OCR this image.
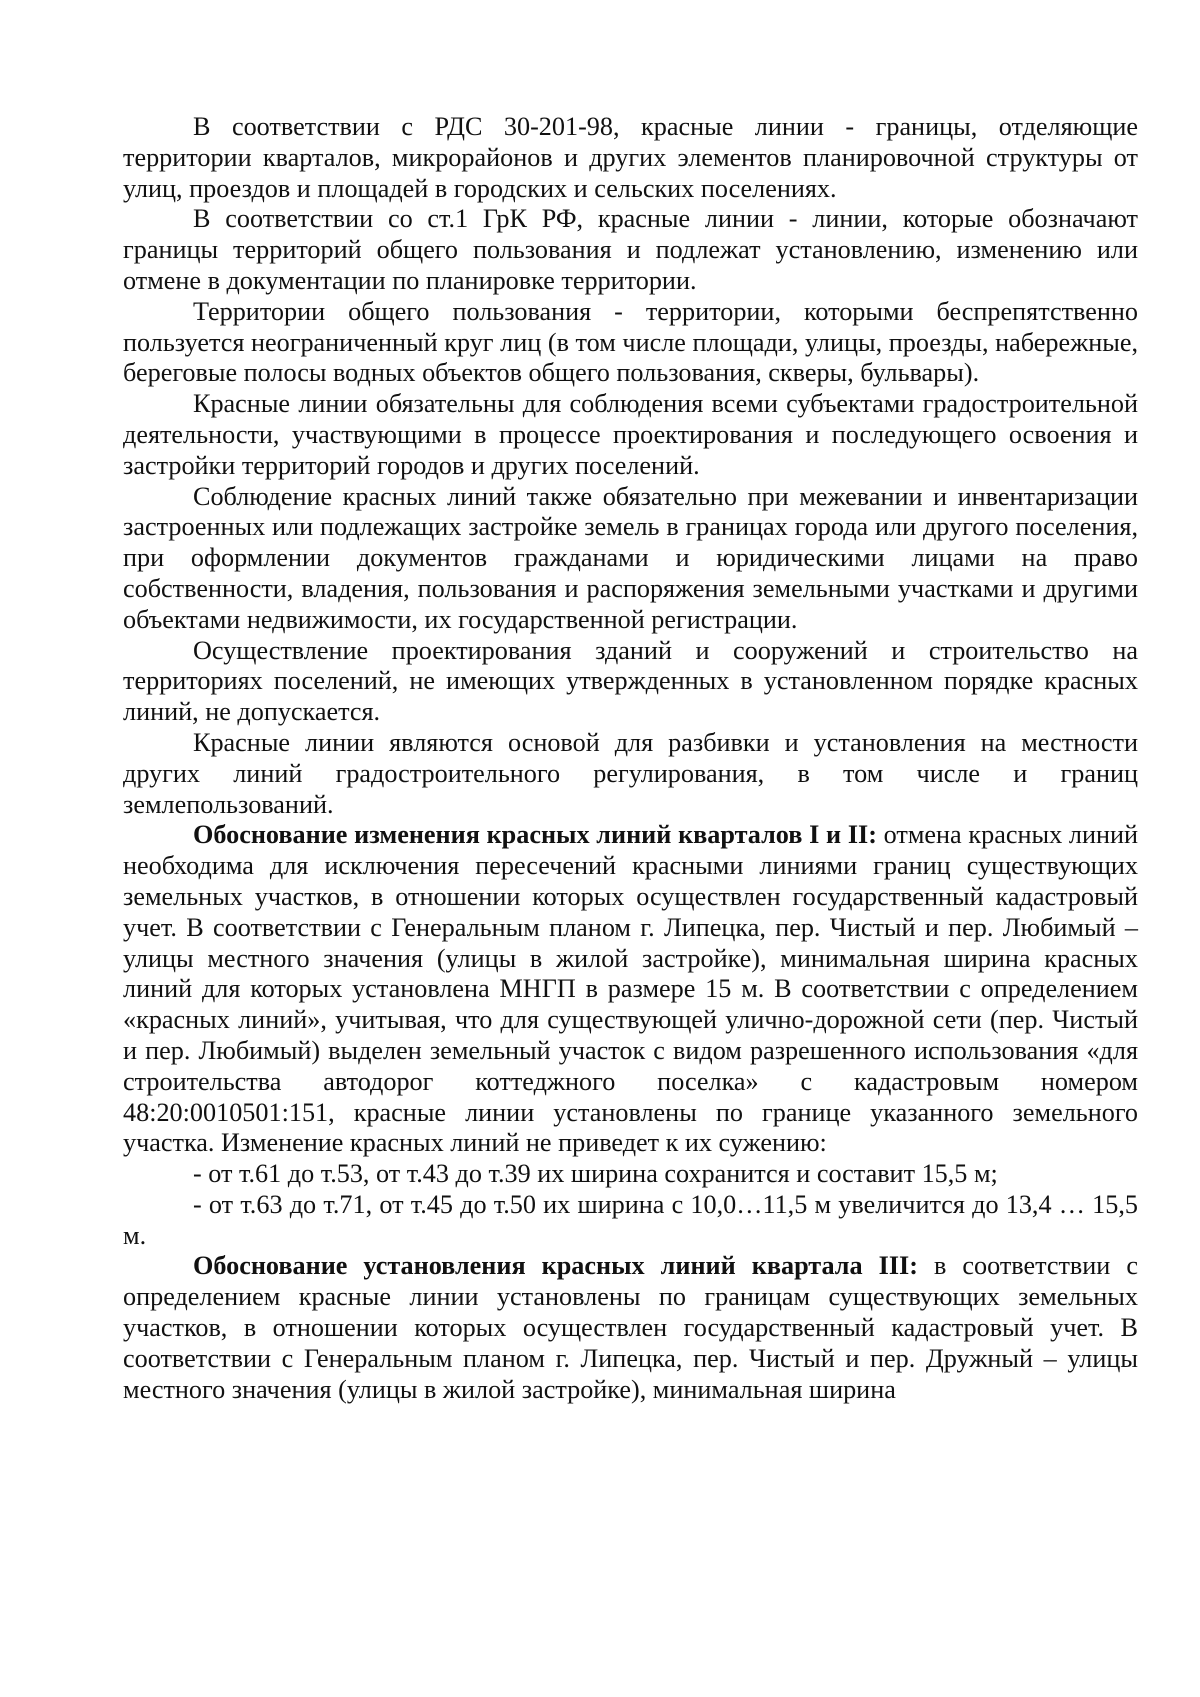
В соответствии с РДС 30-201-98, красные линии - границы, отделяющие территории кварталов, микрорайонов и других элементов планировочной структуры от улиц, проездов и площадей в городских и сельских поселениях.

В соответствии со ст.1 ГрК РФ, красные линии - линии, которые обозначают границы территорий общего пользования и подлежат установлению, изменению или отмене в документации по планировке территории.

Территории общего пользования - территории, которыми беспрепятственно пользуется неограниченный круг лиц (в том числе площади, улицы, проезды, набережные, береговые полосы водных объектов общего пользования, скверы, бульвары).

Красные линии обязательны для соблюдения всеми субъектами градостроительной деятельности, участвующими в процессе проектирования и последующего освоения и застройки территорий городов и других поселений.

Соблюдение красных линий также обязательно при межевании и инвентаризации застроенных или подлежащих застройке земель в границах города или другого поселения, при оформлении документов гражданами и юридическими лицами на право собственности, владения, пользования и распоряжения земельными участками и другими объектами недвижимости, их государственной регистрации.

Осуществление проектирования зданий и сооружений и строительство на территориях поселений, не имеющих утвержденных в установленном порядке красных линий, не допускается.

Красные линии являются основой для разбивки и установления на местности других линий градостроительного регулирования, в том числе и границ землепользований.

Обоснование изменения красных линий кварталов I и II: отмена красных линий необходима для исключения пересечений красными линиями границ существующих земельных участков, в отношении которых осуществлен государственный кадастровый учет. В соответствии с Генеральным планом г. Липецка, пер. Чистый и пер. Любимый – улицы местного значения (улицы в жилой застройке), минимальная ширина красных линий для которых установлена МНГП в размере 15 м. В соответствии с определением «красных линий», учитывая, что для существующей улично-дорожной сети (пер. Чистый и пер. Любимый) выделен земельный участок с видом разрешенного использования «для строительства автодорог коттеджного поселка» с кадастровым номером 48:20:0010501:151, красные линии установлены по границе указанного земельного участка. Изменение красных линий не приведет к их сужению:

- от т.61 до т.53, от т.43 до т.39 их ширина сохранится и составит 15,5 м;

- от т.63 до т.71, от т.45 до т.50 их ширина с 10,0…11,5 м увеличится до 13,4 … 15,5 м.

Обоснование установления красных линий квартала III: в соответствии с определением красные линии установлены по границам существующих земельных участков, в отношении которых осуществлен государственный кадастровый учет. В соответствии с Генеральным планом г. Липецка, пер. Чистый и пер. Дружный – улицы местного значения (улицы в жилой застройке), минимальная ширина
